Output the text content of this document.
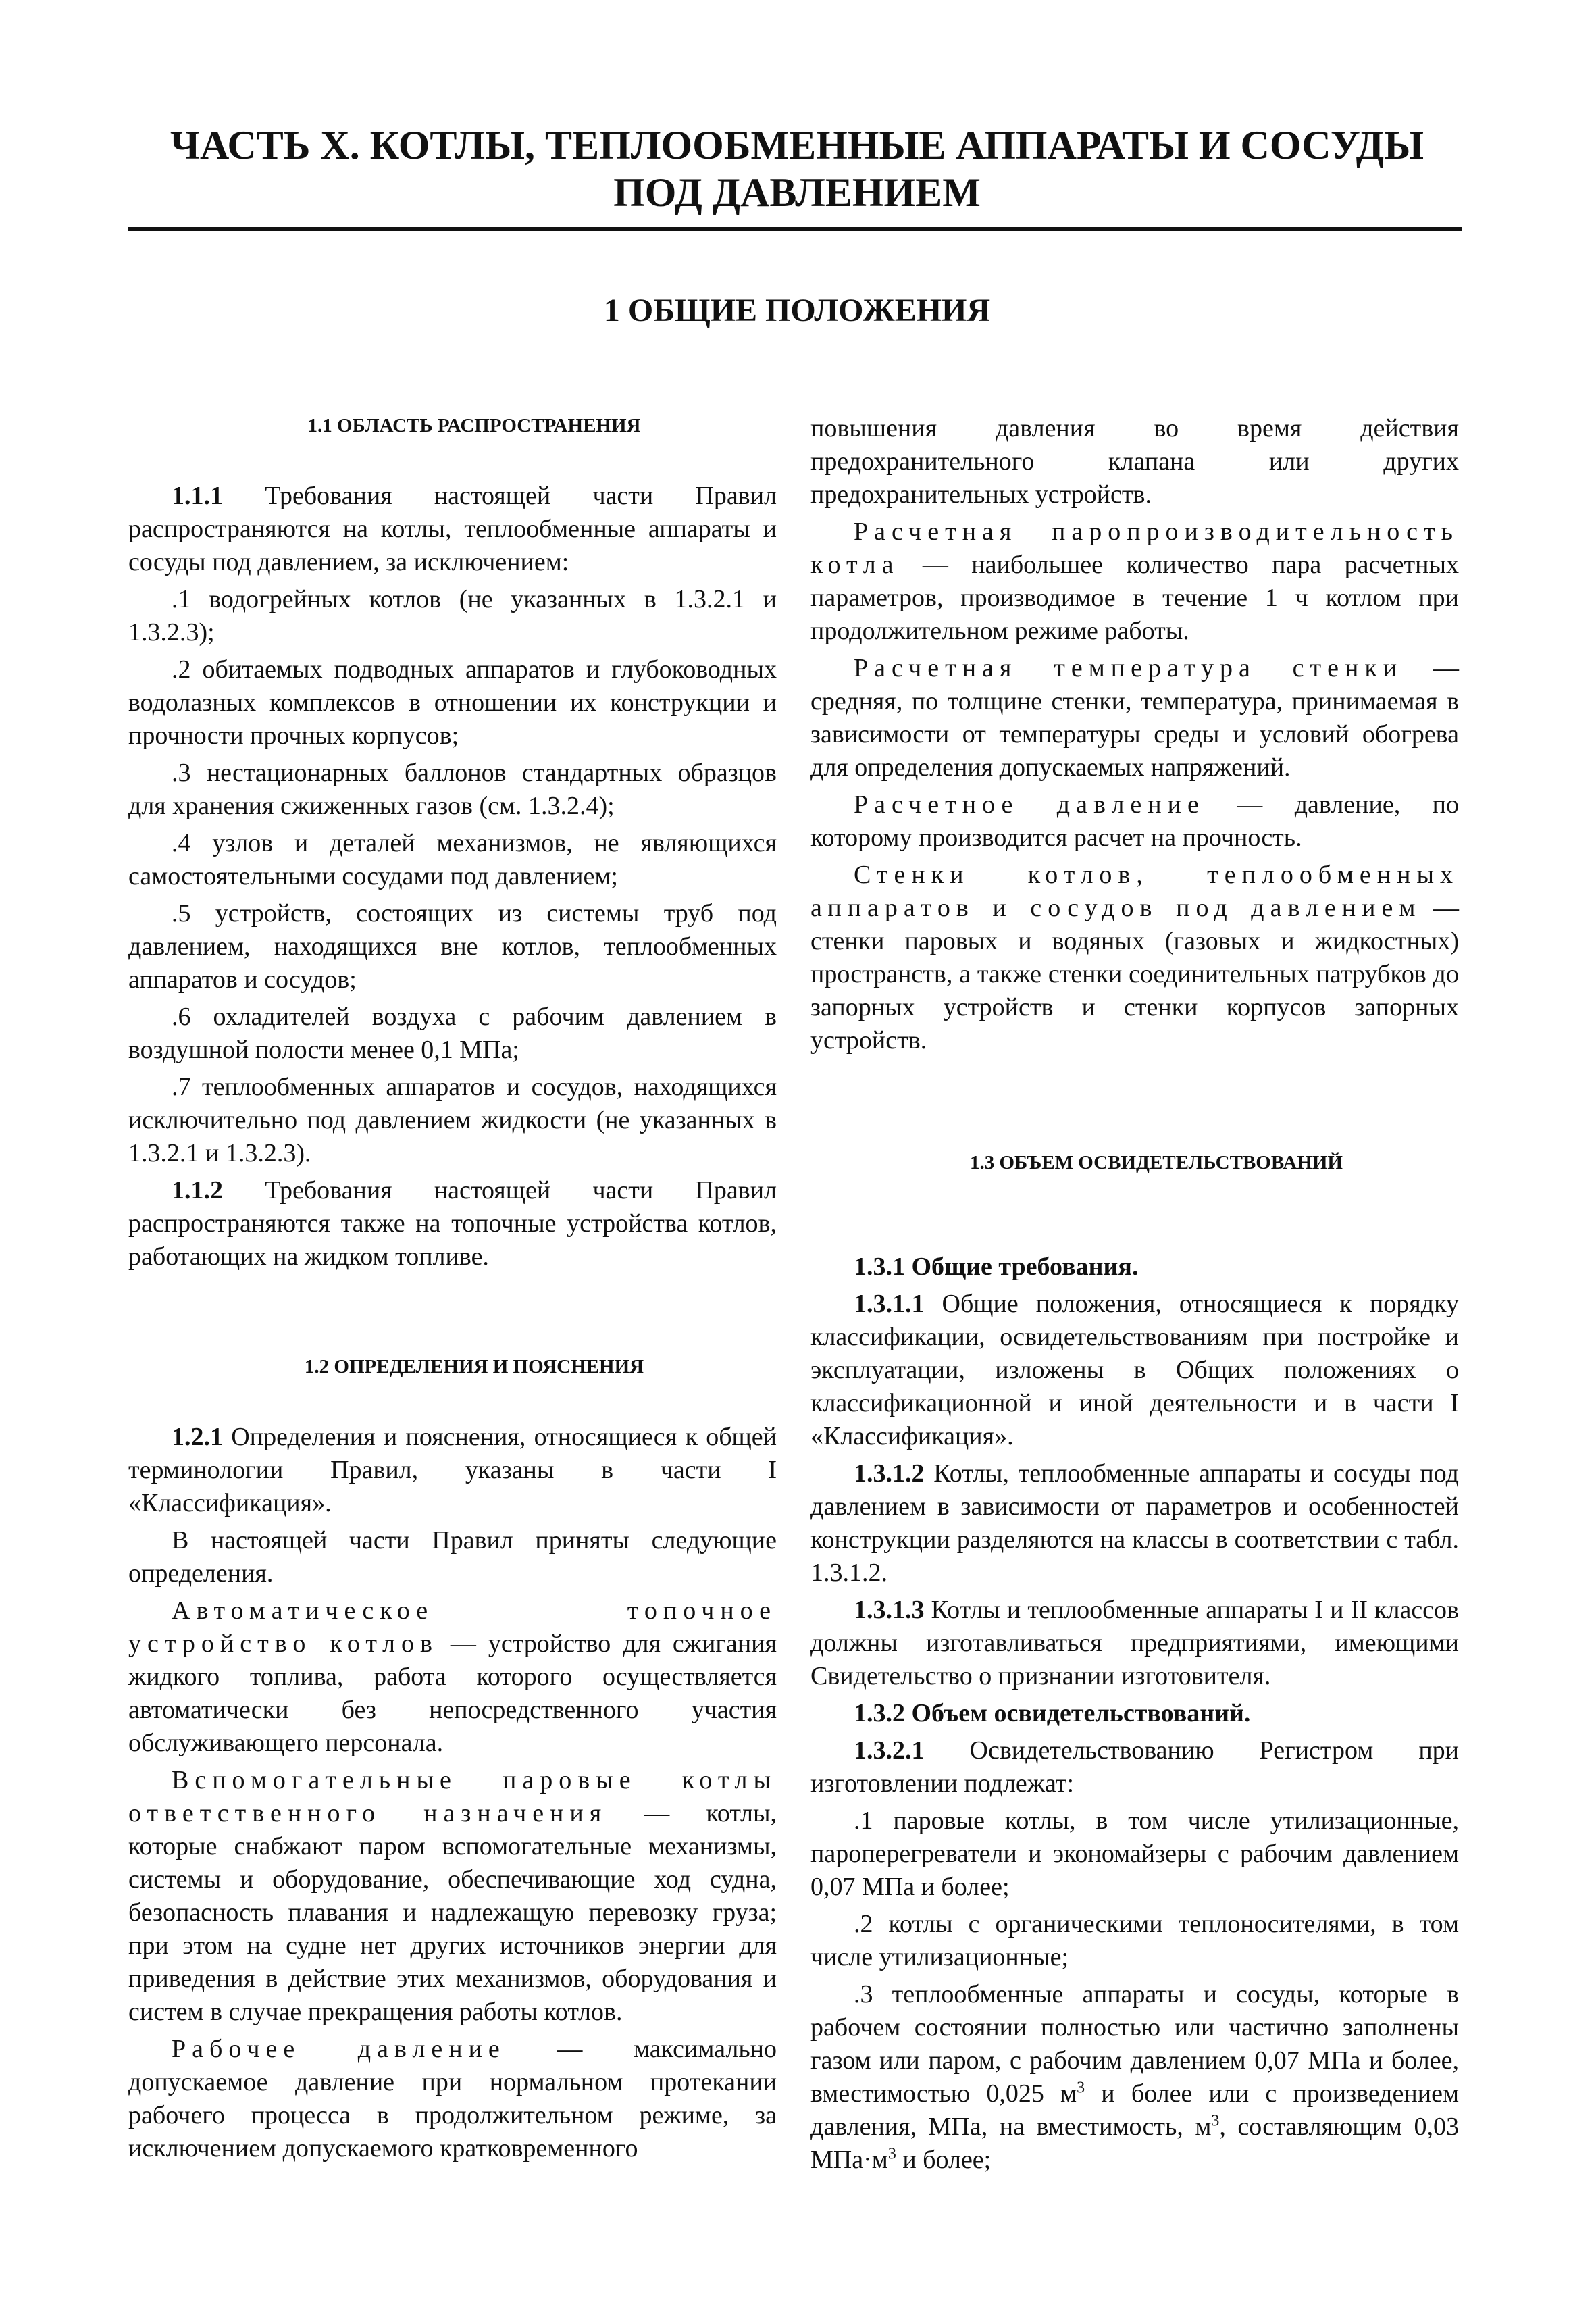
ЧАСТЬ X. КОТЛЫ, ТЕПЛООБМЕННЫЕ АППАРАТЫ И СОСУДЫ
ПОД ДАВЛЕНИЕМ
1 ОБЩИЕ ПОЛОЖЕНИЯ

1.1 ОБЛАСТЬ РАСПРОСТРАНЕНИЯ

1.1.1 Требования настоящей части Правил распространяются на котлы, теплообменные аппараты и сосуды под давлением, за исключением:

.1 водогрейных котлов (не указанных в 1.3.2.1 и 1.3.2.3);

.2 обитаемых подводных аппаратов и глубоководных водолазных комплексов в отношении их конструкции и прочности прочных корпусов;

.3 нестационарных баллонов стандартных образцов для хранения сжиженных газов (см. 1.3.2.4);

.4 узлов и деталей механизмов, не являющихся самостоятельными сосудами под давлением;

.5 устройств, состоящих из системы труб под давлением, находящихся вне котлов, теплообменных аппаратов и сосудов;

.6 охладителей воздуха с рабочим давлением в воздушной полости менее 0,1 МПа;

.7 теплообменных аппаратов и сосудов, находящихся исключительно под давлением жидкости (не указанных в 1.3.2.1 и 1.3.2.3).

1.1.2 Требования настоящей части Правил распространяются также на топочные устройства котлов, работающих на жидком топливе.

1.2 ОПРЕДЕЛЕНИЯ И ПОЯСНЕНИЯ

1.2.1 Определения и пояснения, относящиеся к общей терминологии Правил, указаны в части I «Классификация».

В настоящей части Правил приняты следующие определения.

Автоматическое топочное устройство котлов — устройство для сжигания жидкого топлива, работа которого осуществляется автоматически без непосредственного участия обслуживающего персонала.

Вспомогательные паровые котлы ответственного назначения — котлы, которые снабжают паром вспомогательные механизмы, системы и оборудование, обеспечивающие ход судна, безопасность плавания и надлежащую перевозку груза; при этом на судне нет других источников энергии для приведения в действие этих механизмов, оборудования и систем в случае прекращения работы котлов.

Рабочее давление — максимально допускаемое давление при нормальном протекании рабочего процесса в продолжительном режиме, за исключением допускаемого кратковременного

повышения давления во время действия предохранительного клапана или других предохранительных устройств.

Расчетная паропроизводительность котла — наибольшее количество пара расчетных параметров, производимое в течение 1 ч котлом при продолжительном режиме работы.

Расчетная температура стенки — средняя, по толщине стенки, температура, принимаемая в зависимости от температуры среды и условий обогрева для определения допускаемых напряжений.

Расчетное давление — давление, по которому производится расчет на прочность.

Стенки котлов, теплообменных аппаратов и сосудов под давлением — стенки паровых и водяных (газовых и жидкостных) пространств, а также стенки соединительных патрубков до запорных устройств и стенки корпусов запорных устройств.

1.3 ОБЪЕМ ОСВИДЕТЕЛЬСТВОВАНИЙ

1.3.1 Общие требования.

1.3.1.1 Общие положения, относящиеся к порядку классификации, освидетельствованиям при постройке и эксплуатации, изложены в Общих положениях о классификационной и иной деятельности и в части I «Классификация».

1.3.1.2 Котлы, теплообменные аппараты и сосуды под давлением в зависимости от параметров и особенностей конструкции разделяются на классы в соответствии с табл. 1.3.1.2.

1.3.1.3 Котлы и теплообменные аппараты I и II классов должны изготавливаться предприятиями, имеющими Свидетельство о признании изготовителя.

1.3.2 Объем освидетельствований.

1.3.2.1 Освидетельствованию Регистром при изготовлении подлежат:

.1 паровые котлы, в том числе утилизационные, пароперегреватели и экономайзеры с рабочим давлением 0,07 МПа и более;

.2 котлы с органическими теплоносителями, в том числе утилизационные;

.3 теплообменные аппараты и сосуды, которые в рабочем состоянии полностью или частично заполнены газом или паром, с рабочим давлением 0,07 МПа и более, вместимостью 0,025 $м^3$ и более или с произведением давления, МПа, на вместимость, $м^3$, составляющим 0,03 $МПа\cdot м^3$ и более;
